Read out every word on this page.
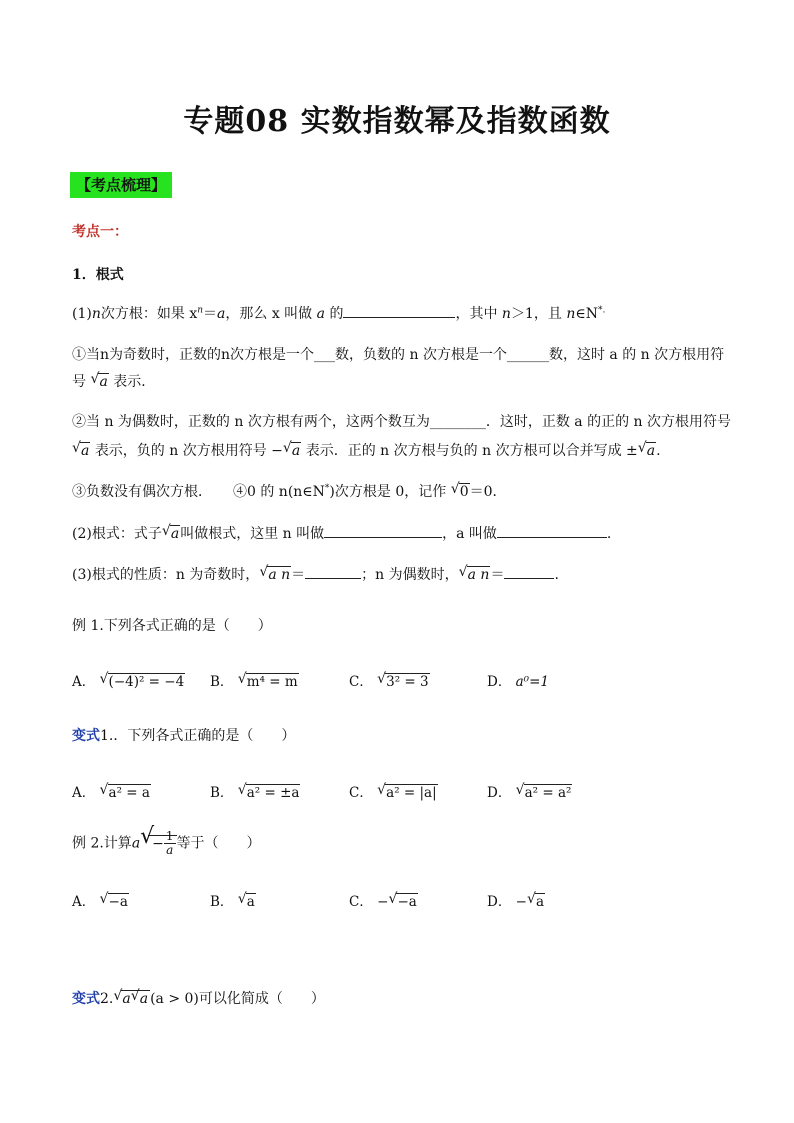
专题08 实数指数幂及指数函数
【考点梳理】
考点一：
1．根式
(1)n次方根：如果 $x^n=a$，那么 x 叫做 a 的	，其中 n＞1，且 n∈N*.
①当n为奇数时，正数的n次方根是一个___数，负数的 n 次方根是一个______数，这时 a 的 n 次方根用符
号 √ a 表示．
②当 n 为偶数时，正数的 n 次方根有两个，这两个数互为________．这时，正数 a 的正的 n 次方根用符号
√ a 表示，负的 n 次方根用符号 − √ a 表示．正的 n 次方根与负的 n 次方根可以合并写成 ± √ a.
③负数没有偶次方根．　　 ④0 的 n(n∈N*)次方根是 0，记作 √ 0＝0．
(2)根式：式子 √ a叫做根式，这里 n 叫做	，a 叫做	.
(3)根式的性质：n 为奇数时， √ a n＝	；n 为偶数时， √ a n＝	.
例 1.下列各式正确的是（　　）
A． √ (−4)² = −4 B． √ m⁴ = m	C． √ 3² = 3	D． a⁰=1
变式1.．下列各式正确的是（　　）
A． √ a² = a	B． √ a² = ±a	C． √ a² = |a|	D． √ a² = a²
例 2.计算a √
− $\frac{1}{a}$ 等于（　　）
A． √ −a	B． √ a	C． − √ −a	D． − √ a
变式2. √ a √ a (a > 0)可以化简成（　　）
